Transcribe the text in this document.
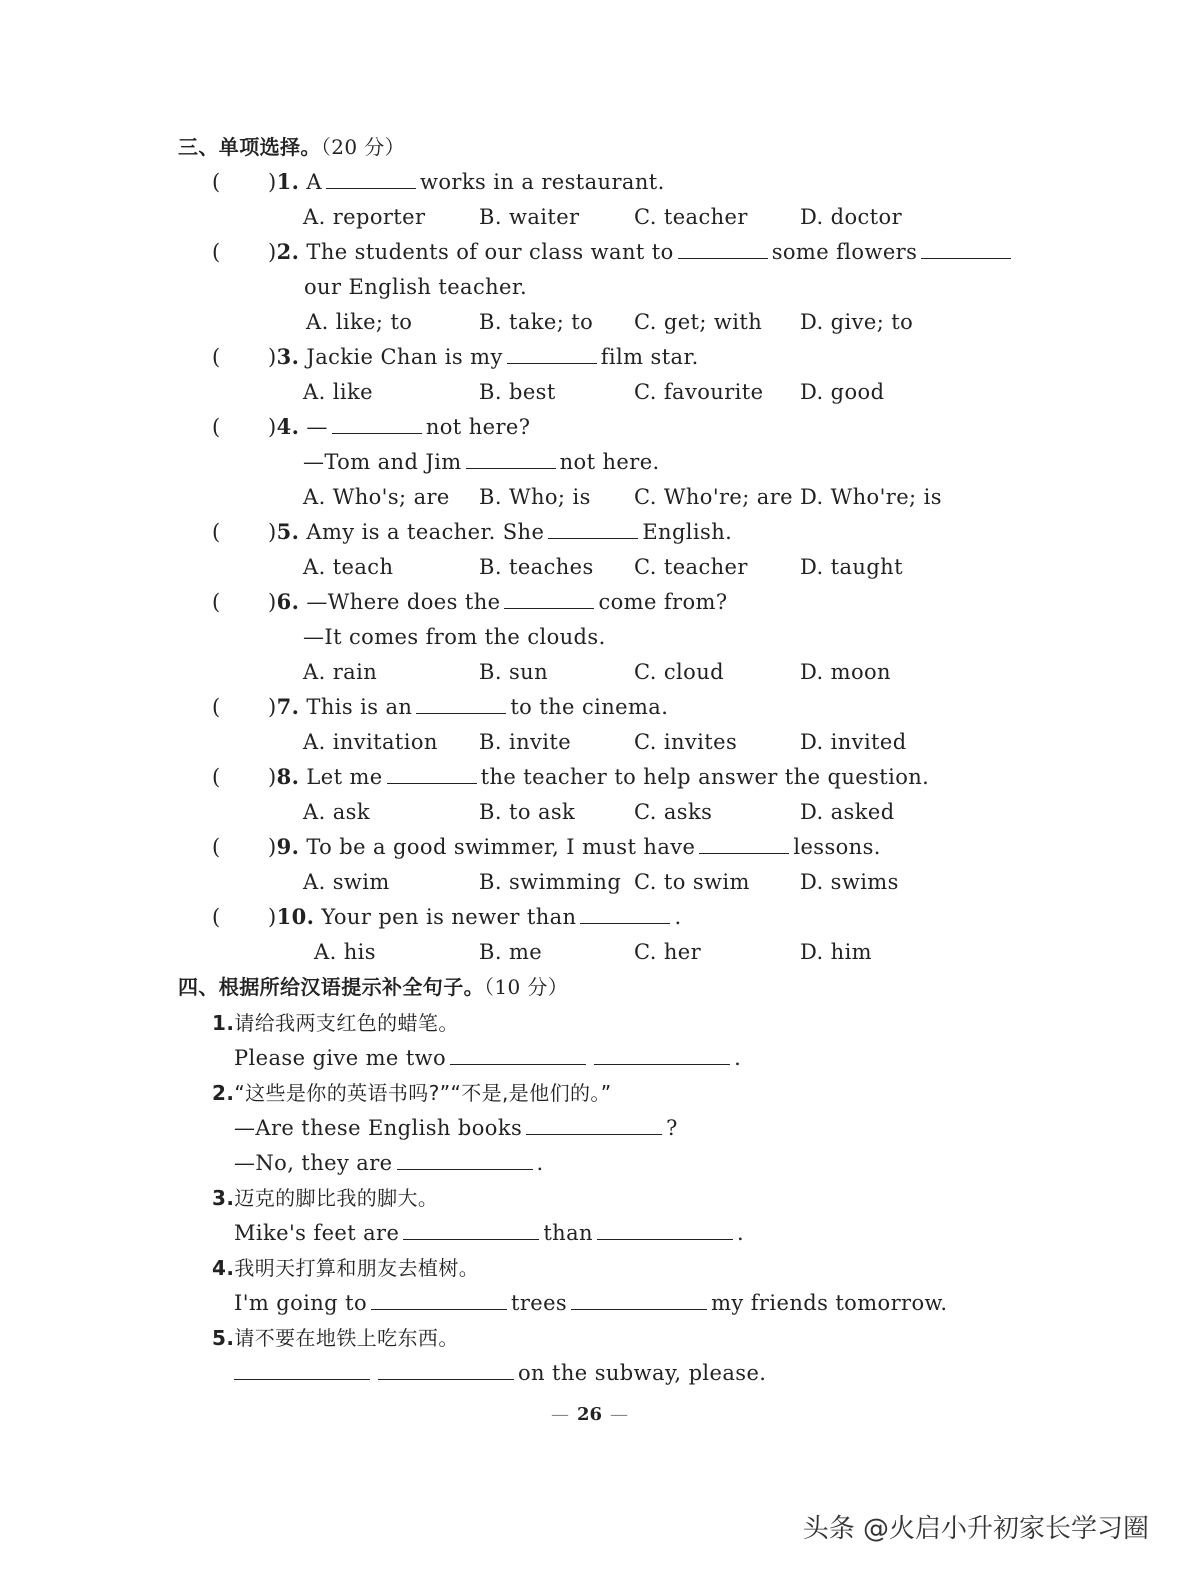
三、单项选择。（20 分）
( )1. A	works in a restaurant.
A. reporter	B. waiter	C. teacher D. doctor
( )2. The students of our class want to	some flowers
our English teacher.
A. like; to	B. take; to C. get; with D. give; to
( )3. Jackie Chan is my	film star.
A. like	B. best	C. favourite D. good
( )4. —	not here?
—Tom and Jim	not here.
A. Who's; are B. Who; is C. Who're; are D. Who're; is
( )5. Amy is a teacher. She	English.
A. teach	B. teaches C. teacher D. taught
( )6. —Where does the	come from?
—It comes from the clouds.
A. rain	B. sun	C. cloud	D. moon
( )7. This is an	to the cinema.
A. invitation B. invite	C. invites	D. invited
( )8. Let me	the teacher to help answer the question.
A. ask	B. to ask	C. asks	D. asked
( )9. To be a good swimmer, I must have	lessons.
A. swim	B. swimming C. to swim D. swims
( )10. Your pen is newer than	.
A. his	B. me	C. her	D. him
四、根据所给汉语提示补全句子。（10 分）
1.请给我两支红色的蜡笔。
Please give me two	.
2.“这些是你的英语书吗?”“不是,是他们的。”
—Are these English books	?
—No, they are	.
3.迈克的脚比我的脚大。
Mike's feet are	than	.
4.我明天打算和朋友去植树。
I'm going to	trees	my friends tomorrow.
5.请不要在地铁上吃东西。
on the subway, please.
— 26 —
头条 @火启小升初家长学习圈
